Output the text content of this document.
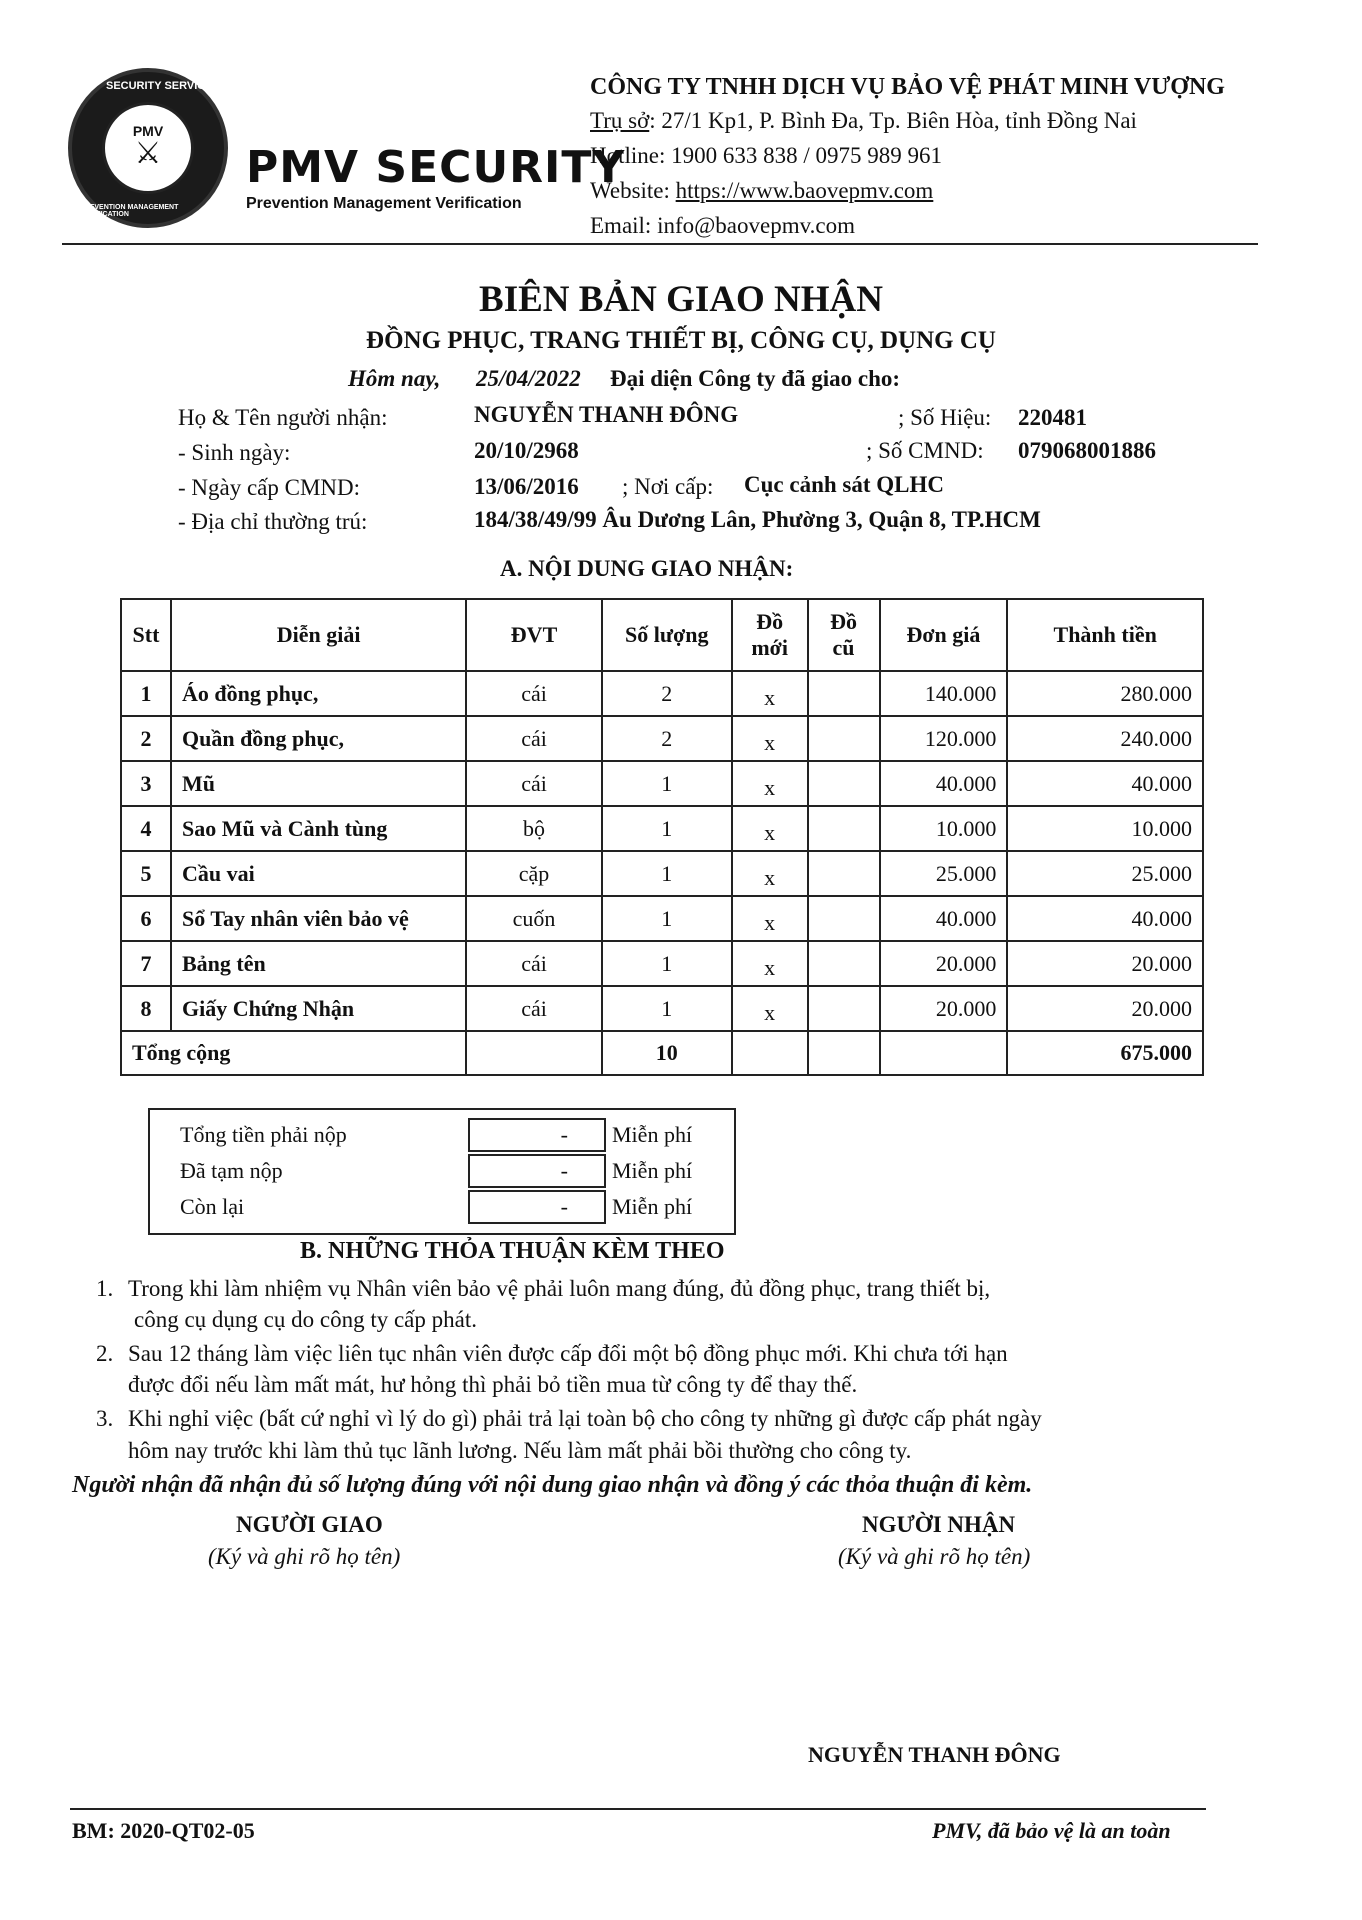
SECURITY SERVICES
PMV
⚔
PREVENTION MANAGEMENT VERIFICATION
PMV SECURITY
Prevention Management Verification
CÔNG TY TNHH DỊCH VỤ BẢO VỆ PHÁT MINH VƯỢNG
Trụ sở: 27/1 Kp1, P. Bình Đa, Tp. Biên Hòa, tỉnh Đồng Nai
Hotline: 1900 633 838 / 0975 989 961
Website: https://www.baovepmv.com
Email: info@baovepmv.com
BIÊN BẢN GIAO NHẬN
ĐỒNG PHỤC, TRANG THIẾT BỊ, CÔNG CỤ, DỤNG CỤ
Hôm nay, 25/04/2022 Đại diện Công ty đã giao cho:
Họ & Tên người nhận:	NGUYỄN THANH ĐÔNG	; Số Hiệu: 220481
- Sinh ngày:	20/10/2968	; Số CMND: 079068001886
- Ngày cấp CMND:	13/06/2016 ; Nơi cấp: Cục cảnh sát QLHC
- Địa chỉ thường trú:	184/38/49/99 Âu Dương Lân, Phường 3, Quận 8, TP.HCM
A. NỘI DUNG GIAO NHẬN:
Stt	Diễn giải	ĐVT	Số lượng	Đồ mới	Đồ cũ	Đơn giá	Thành tiền
1	Áo đồng phục,	cái	2	x		140.000	280.000
2	Quần đồng phục,	cái	2	x		120.000	240.000
3	Mũ	cái	1	x		40.000	40.000
4	Sao Mũ và Cành tùng	bộ	1	x		10.000	10.000
5	Cầu vai	cặp	1	x		25.000	25.000
6	Sổ Tay nhân viên bảo vệ	cuốn	1	x		40.000	40.000
7	Bảng tên	cái	1	x		20.000	20.000
8	Giấy Chứng Nhận	cái	1	x		20.000	20.000
Tổng cộng			10				675.000
Tổng tiền phải nộp	-	Miễn phí
Đã tạm nộp	-	Miễn phí
Còn lại	-	Miễn phí
B. NHỮNG THỎA THUẬN KÈM THEO
1. Trong khi làm nhiệm vụ Nhân viên bảo vệ phải luôn mang đúng, đủ đồng phục, trang thiết bị,
công cụ dụng cụ do công ty cấp phát.
2. Sau 12 tháng làm việc liên tục nhân viên được cấp đổi một bộ đồng phục mới. Khi chưa tới hạn
được đổi nếu làm mất mát, hư hỏng thì phải bỏ tiền mua từ công ty để thay thế.
3. Khi nghỉ việc (bất cứ nghỉ vì lý do gì) phải trả lại toàn bộ cho công ty những gì được cấp phát ngày
hôm nay trước khi làm thủ tục lãnh lương. Nếu làm mất phải bồi thường cho công ty.
Người nhận đã nhận đủ số lượng đúng với nội dung giao nhận và đồng ý các thỏa thuận đi kèm.
NGƯỜI GIAO
(Ký và ghi rõ họ tên)
NGƯỜI NHẬN
(Ký và ghi rõ họ tên)
NGUYỄN THANH ĐÔNG
BM: 2020-QT02-05	PMV, đã bảo vệ là an toàn
